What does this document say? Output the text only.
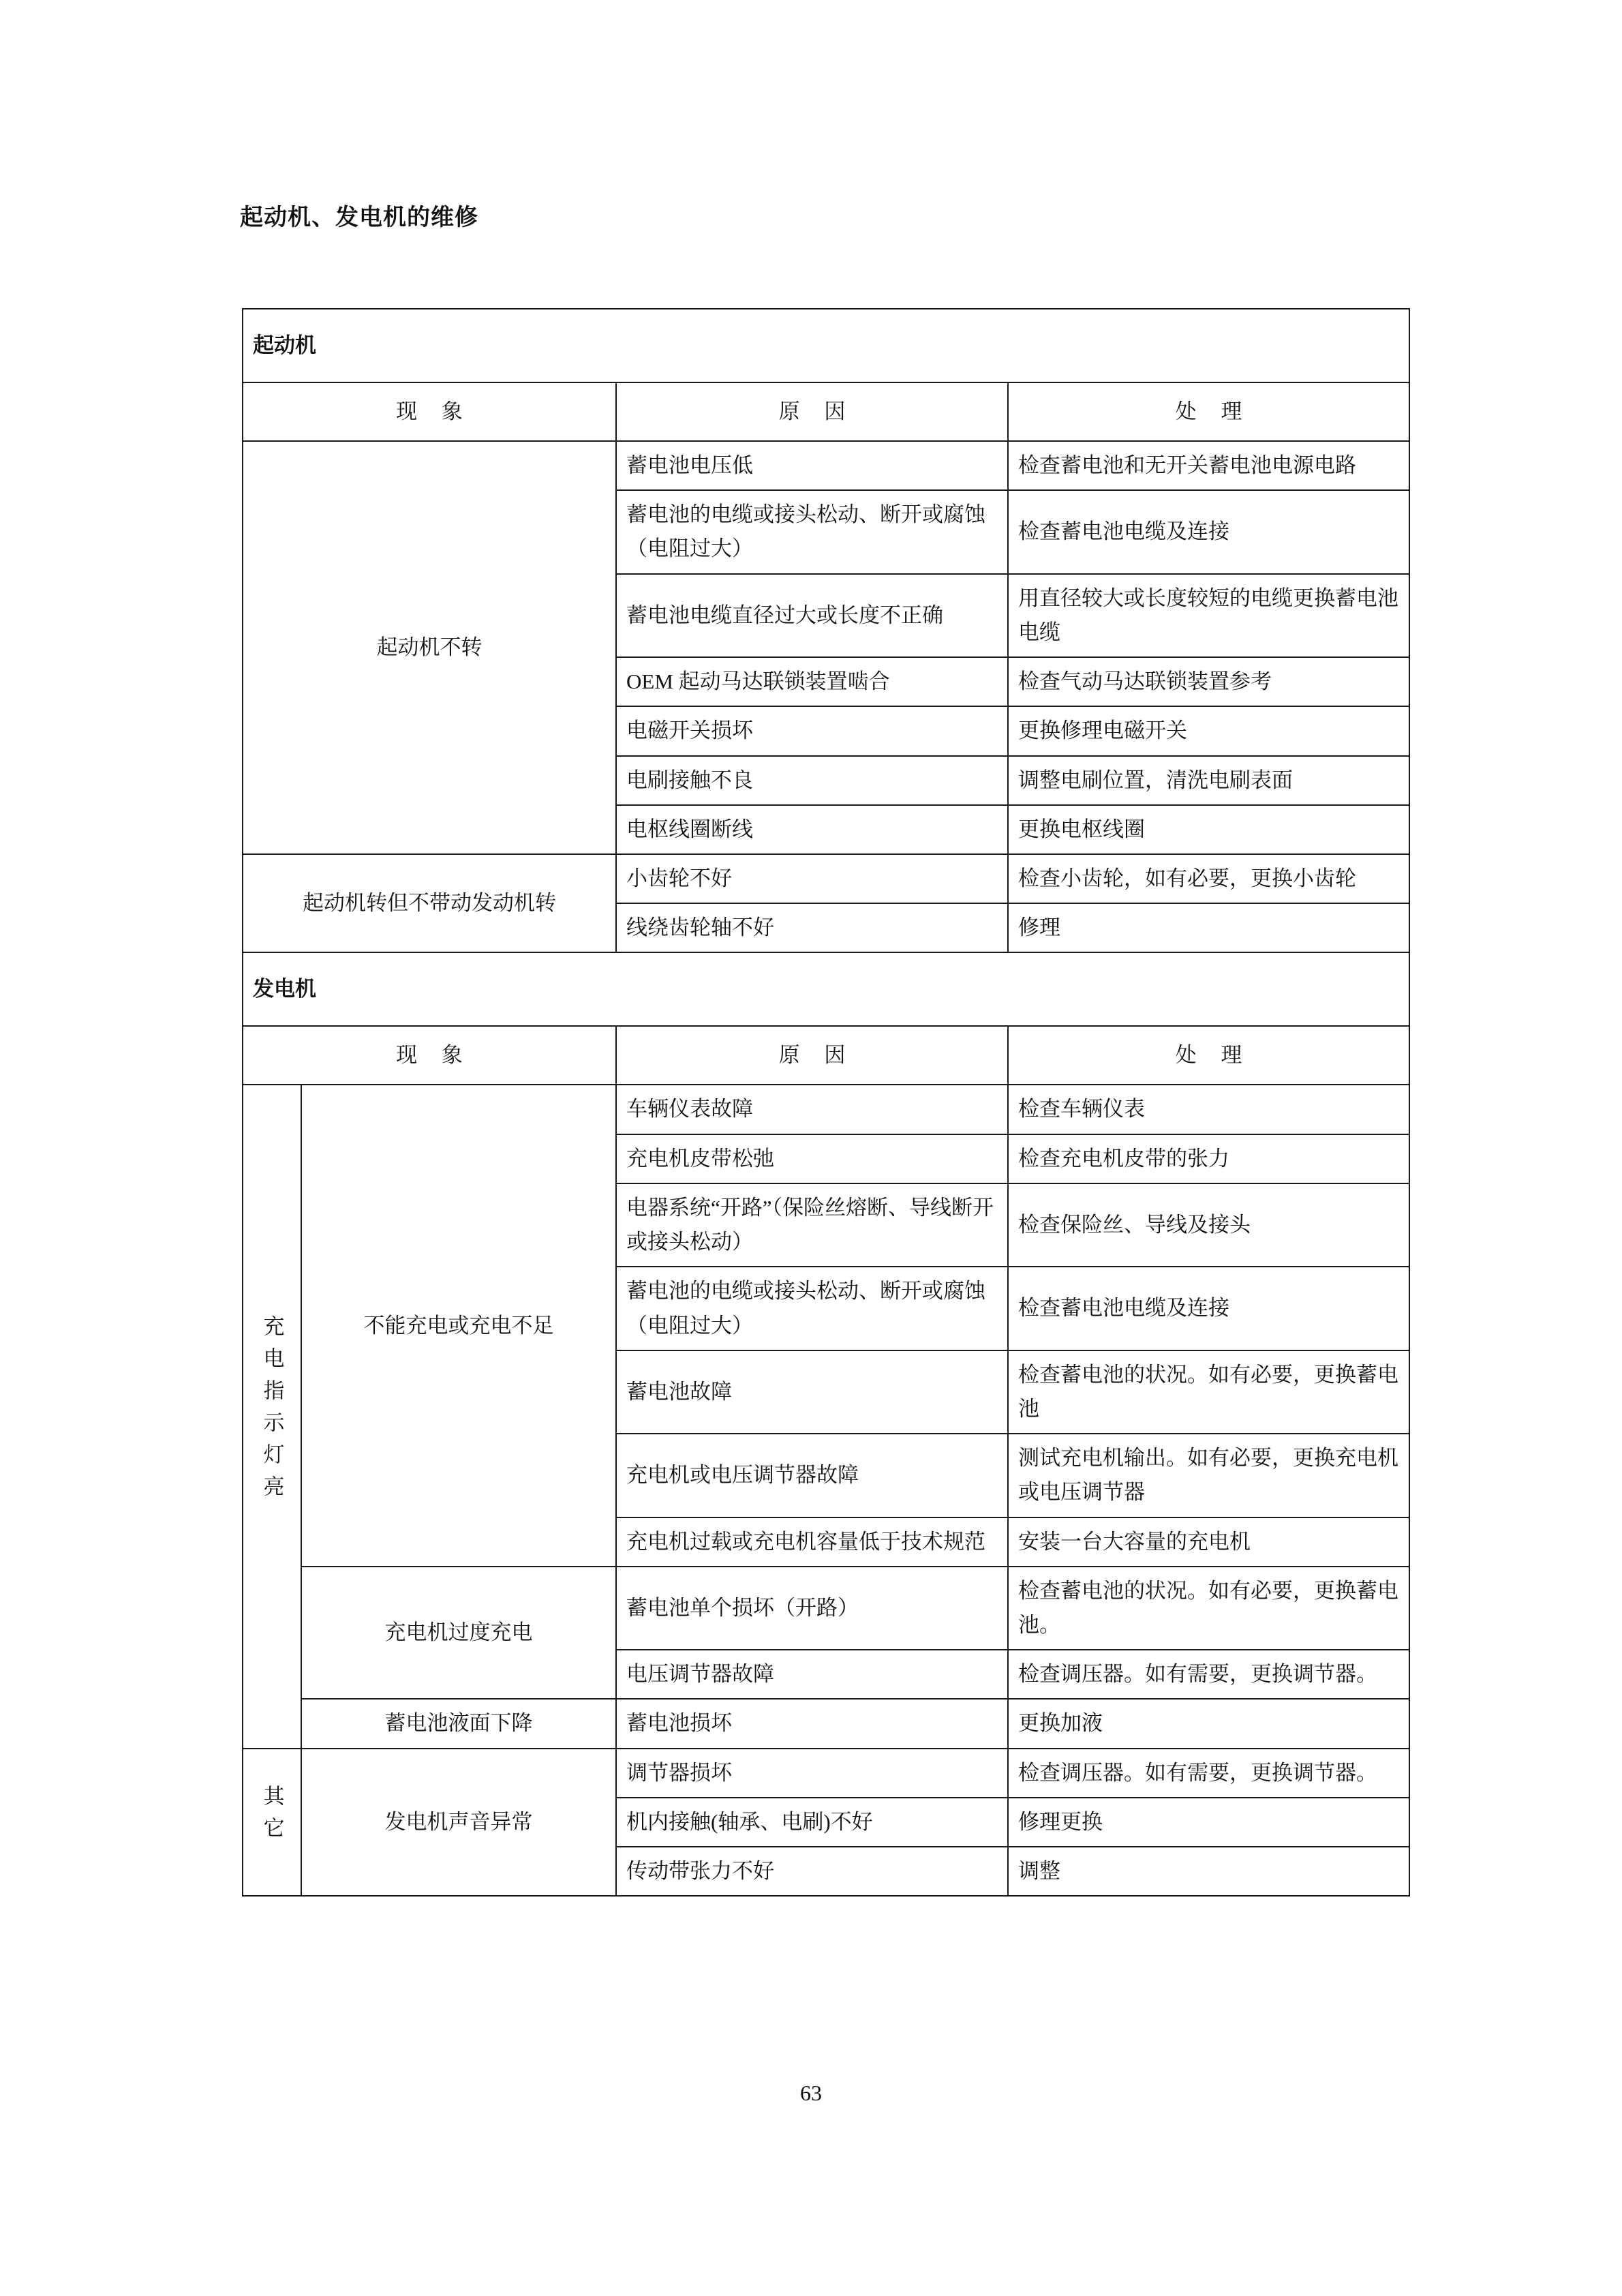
起动机、发电机的维修
起动机			
现 象		原 因	处 理
起动机不转		蓄电池电压低	检查蓄电池和无开关蓄电池电源电路
		蓄电池的电缆或接头松动、断开或腐蚀（电阻过大）	检查蓄电池电缆及连接
		蓄电池电缆直径过大或长度不正确	用直径较大或长度较短的电缆更换蓄电池电缆
		OEM 起动马达联锁装置啮合	检查气动马达联锁装置参考
		电磁开关损坏	更换修理电磁开关
		电刷接触不良	调整电刷位置，清洗电刷表面
		电枢线圈断线	更换电枢线圈
起动机转但不带动发动机转		小齿轮不好	检查小齿轮，如有必要，更换小齿轮
		线绕齿轮轴不好	修理
发电机			
现 象		原 因	处 理
充电指示灯亮	不能充电或充电不足	车辆仪表故障	检查车辆仪表
		充电机皮带松弛	检查充电机皮带的张力
		电器系统“开路”（保险丝熔断、导线断开或接头松动）	检查保险丝、导线及接头
		蓄电池的电缆或接头松动、断开或腐蚀（电阻过大）	检查蓄电池电缆及连接
		蓄电池故障	检查蓄电池的状况。如有必要，更换蓄电池
		充电机或电压调节器故障	测试充电机输出。如有必要，更换充电机或电压调节器
		充电机过载或充电机容量低于技术规范	安装一台大容量的充电机
	充电机过度充电	蓄电池单个损坏（开路）	检查蓄电池的状况。如有必要，更换蓄电池。
		电压调节器故障	检查调压器。如有需要，更换调节器。
	蓄电池液面下降	蓄电池损坏	更换加液
其它	发电机声音异常	调节器损坏	检查调压器。如有需要，更换调节器。
		机内接触(轴承、电刷)不好	修理更换
		传动带张力不好	调整
63
